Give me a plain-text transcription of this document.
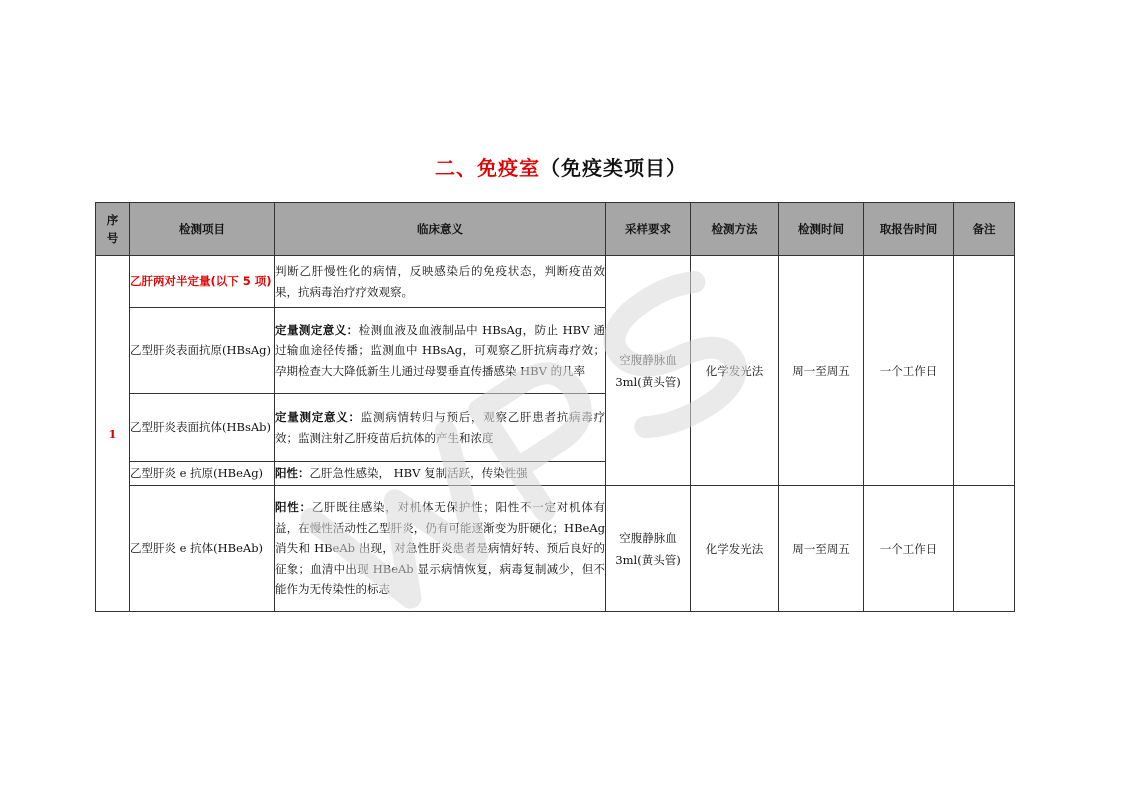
二、免疫室（免疫类项目）
序号	检测项目	临床意义	采样要求	检测方法	检测时间	取报告时间	备注
1	乙肝两对半定量(以下 5 项)	判断乙肝慢性化的病情，反映感染后的免疫状态，判断疫苗效果，抗病毒治疗疗效观察。	空腹静脉血 3ml(黄头管)	化学发光法	周一至周五	一个工作日	
	乙型肝炎表面抗原(HBsAg)	定量测定意义：检测血液及血液制品中 HBsAg，防止 HBV 通过输血途径传播；监测血中 HBsAg，可观察乙肝抗病毒疗效；孕期检查大大降低新生儿通过母婴垂直传播感染 HBV 的几率					
	乙型肝炎表面抗体(HBsAb)	定量测定意义：监测病情转归与预后，观察乙肝患者抗病毒疗效；监测注射乙肝疫苗后抗体的产生和浓度					
	乙型肝炎 e 抗原(HBeAg)	阳性：乙肝急性感染， HBV 复制活跃，传染性强					
	乙型肝炎 e 抗体(HBeAb)	阳性：乙肝既往感染，对机体无保护性；阳性不一定对机体有益，在慢性活动性乙型肝炎，仍有可能逐渐变为肝硬化；HBeAg 消失和 HBeAb 出现，对急性肝炎患者是病情好转、预后良好的征象；血清中出现 HBeAb 显示病情恢复，病毒复制减少，但不能作为无传染性的标志	空腹静脉血 3ml(黄头管)	化学发光法	周一至周五	一个工作日	
